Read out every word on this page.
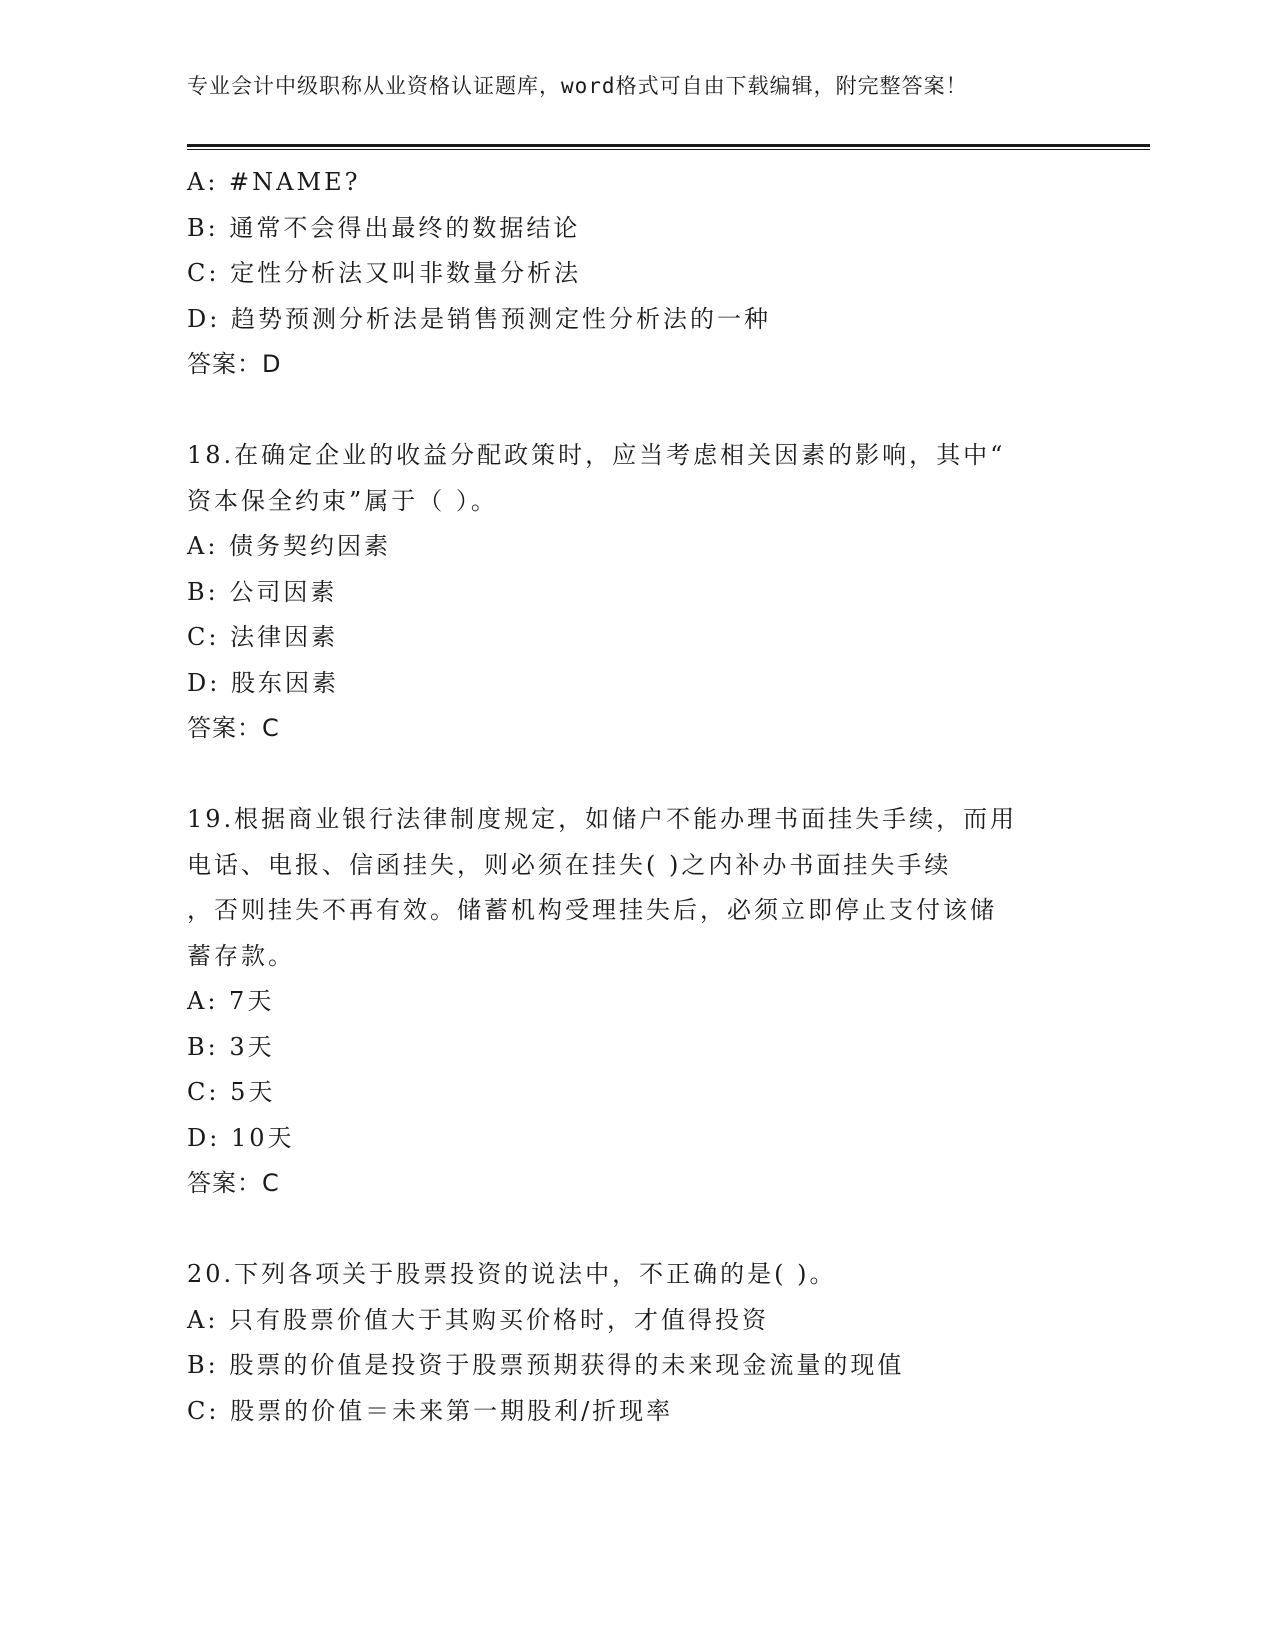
专业会计中级职称从业资格认证题库，word格式可自由下载编辑，附完整答案！
A: #NAME?
B: 通常不会得出最终的数据结论
C: 定性分析法又叫非数量分析法
D: 趋势预测分析法是销售预测定性分析法的一种
答案：D
18.在确定企业的收益分配政策时，应当考虑相关因素的影响，其中“
资本保全约束”属于（ ）。
A: 债务契约因素
B: 公司因素
C: 法律因素
D: 股东因素
答案：C
19.根据商业银行法律制度规定，如储户不能办理书面挂失手续，而用
电话、电报、信函挂失，则必须在挂失( )之内补办书面挂失手续
，否则挂失不再有效。储蓄机构受理挂失后，必须立即停止支付该储
蓄存款。
A: 7天
B: 3天
C: 5天
D: 10天
答案：C
20.下列各项关于股票投资的说法中，不正确的是( )。
A: 只有股票价值大于其购买价格时，才值得投资
B: 股票的价值是投资于股票预期获得的未来现金流量的现值
C: 股票的价值＝未来第一期股利/折现率
